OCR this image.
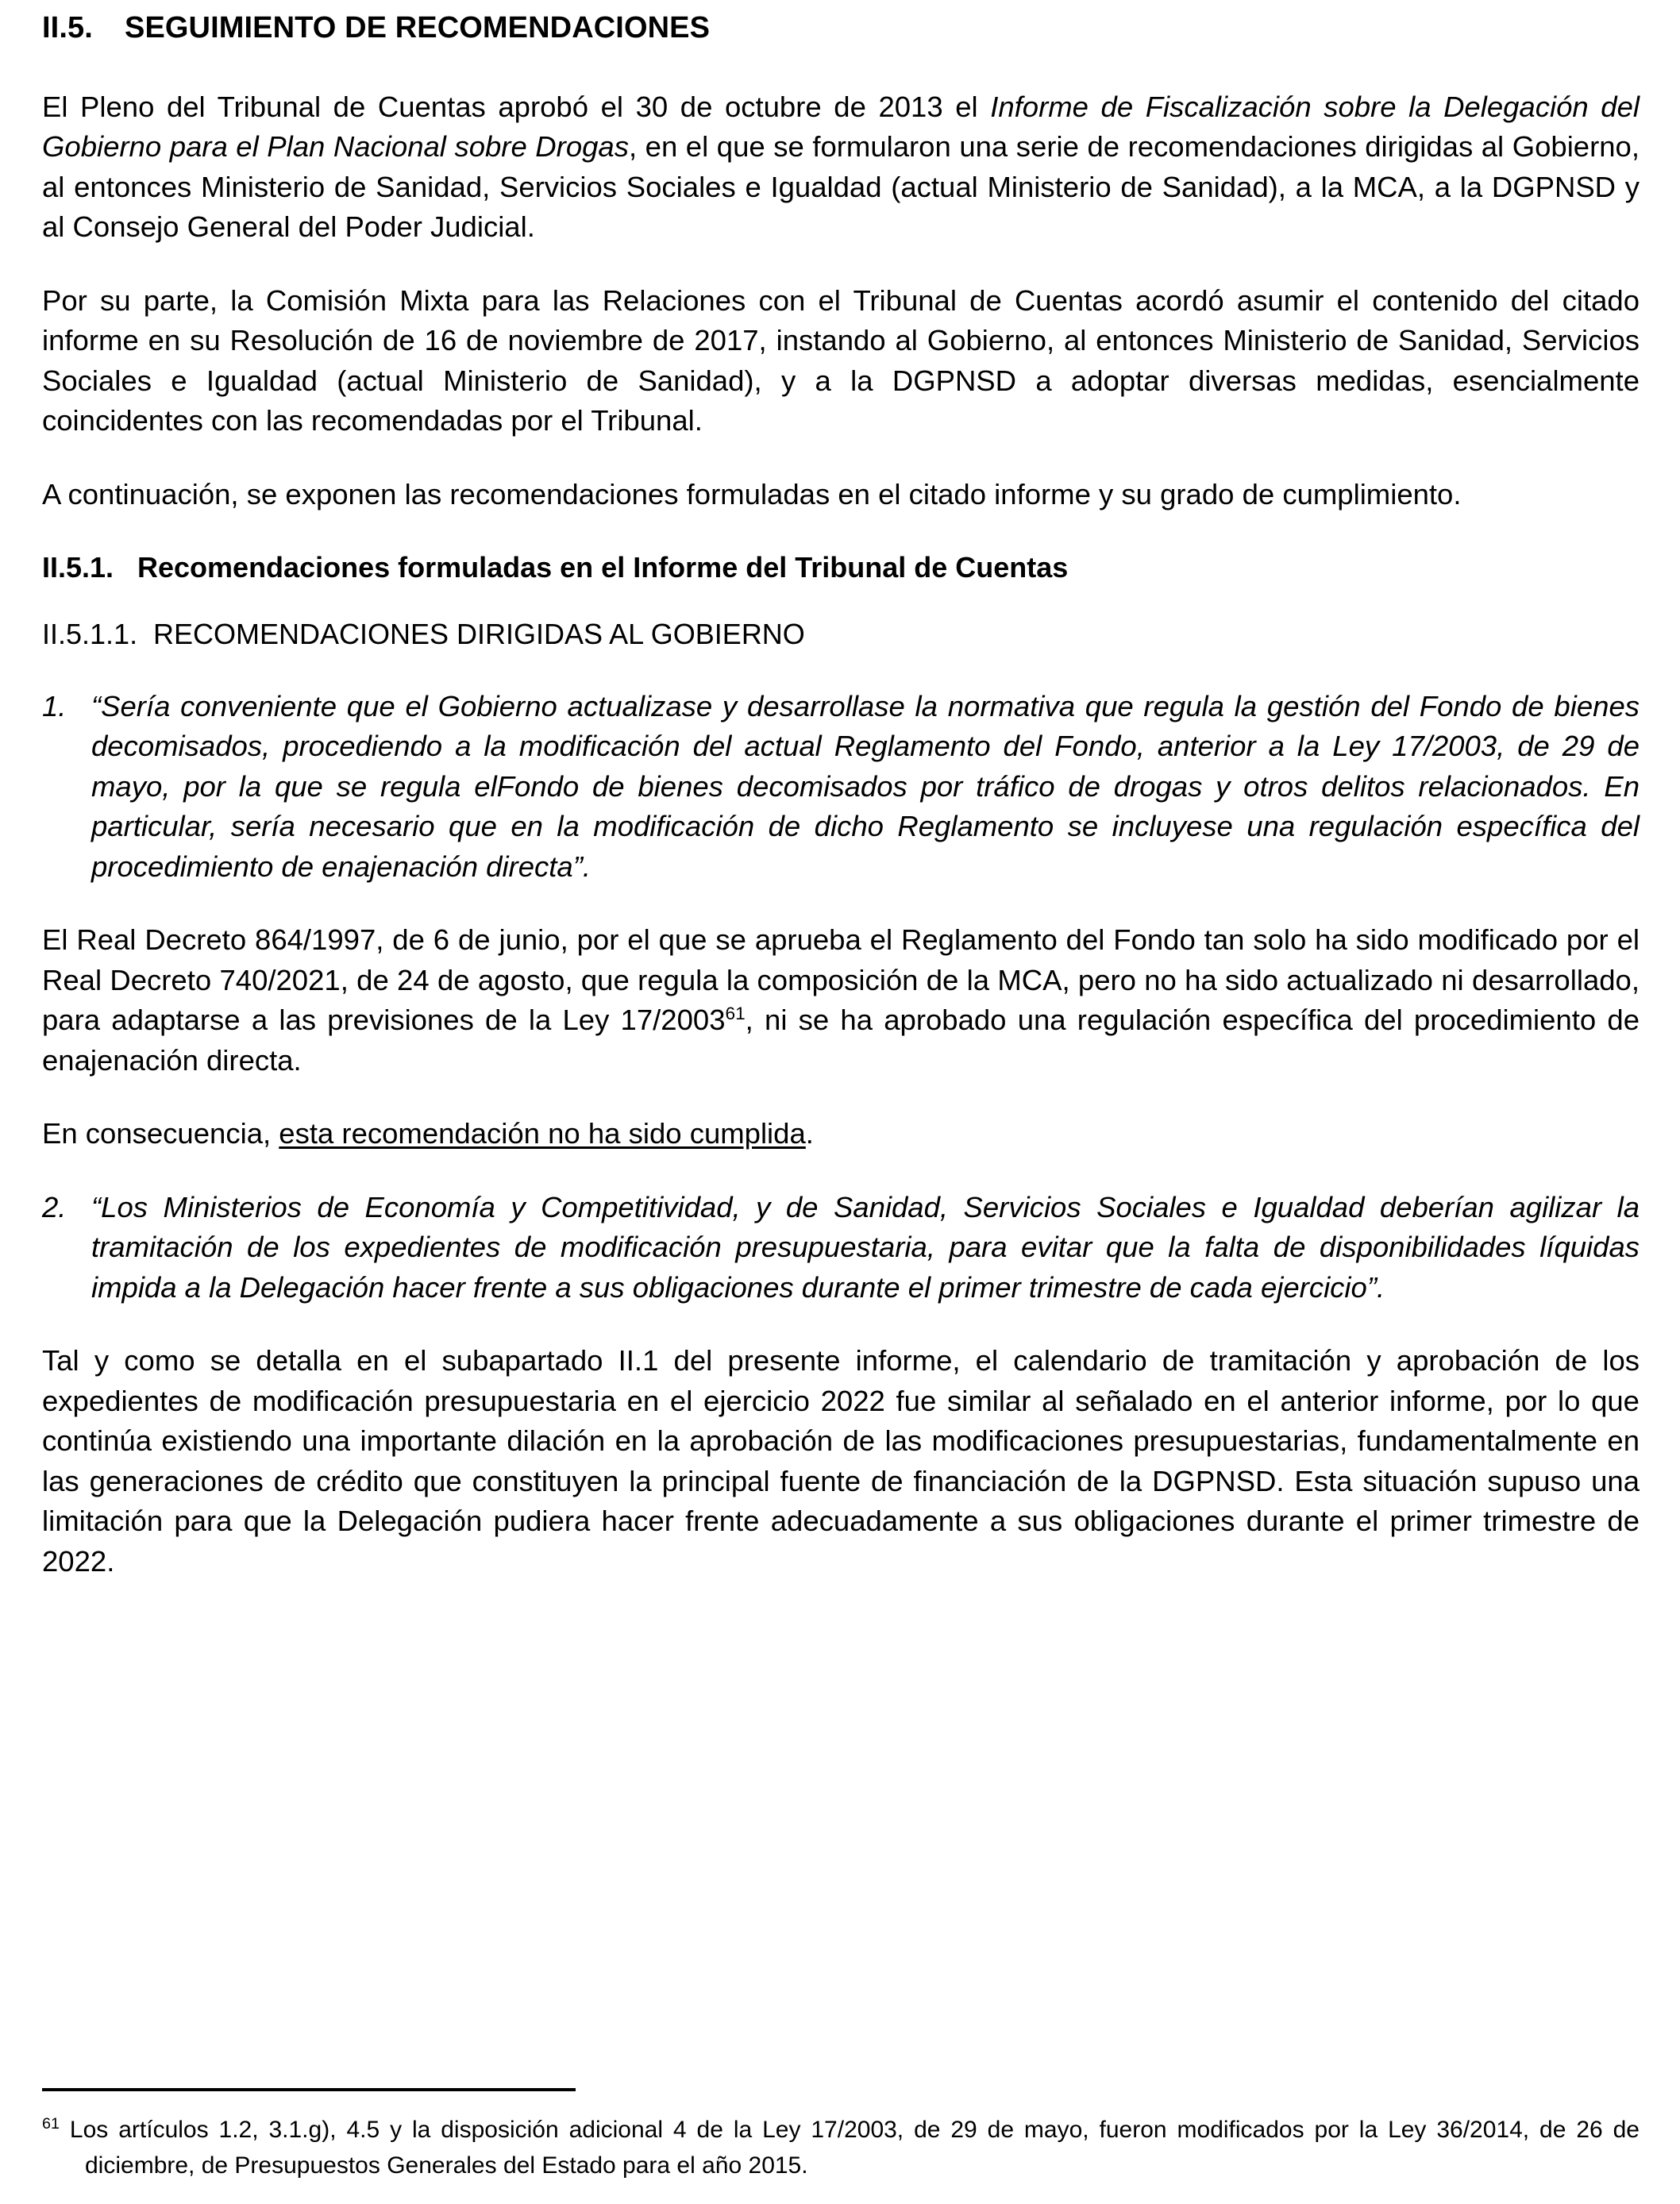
II.5.	SEGUIMIENTO DE RECOMENDACIONES

El Pleno del Tribunal de Cuentas aprobó el 30 de octubre de 2013 el Informe de Fiscalización sobre la Delegación del Gobierno para el Plan Nacional sobre Drogas, en el que se formularon una serie de recomendaciones dirigidas al Gobierno, al entonces Ministerio de Sanidad, Servicios Sociales e Igualdad (actual Ministerio de Sanidad), a la MCA, a la DGPNSD y al Consejo General del Poder Judicial.

Por su parte, la Comisión Mixta para las Relaciones con el Tribunal de Cuentas acordó asumir el contenido del citado informe en su Resolución de 16 de noviembre de 2017, instando al Gobierno, al entonces Ministerio de Sanidad, Servicios Sociales e Igualdad (actual Ministerio de Sanidad), y a la DGPNSD a adoptar diversas medidas, esencialmente coincidentes con las recomendadas por el Tribunal.

A continuación, se exponen las recomendaciones formuladas en el citado informe y su grado de cumplimiento.

II.5.1. Recomendaciones formuladas en el Informe del Tribunal de Cuentas
II.5.1.1. RECOMENDACIONES DIRIGIDAS AL GOBIERNO
1. “Sería conveniente que el Gobierno actualizase y desarrollase la normativa que regula la gestión del Fondo de bienes decomisados, procediendo a la modificación del actual Reglamento del Fondo, anterior a la Ley 17/2003, de 29 de mayo, por la que se regula elFondo de bienes decomisados por tráfico de drogas y otros delitos relacionados. En particular, sería necesario que en la modificación de dicho Reglamento se incluyese una regulación específica del procedimiento de enajenación directa”.

El Real Decreto 864/1997, de 6 de junio, por el que se aprueba el Reglamento del Fondo tan solo ha sido modificado por el Real Decreto 740/2021, de 24 de agosto, que regula la composición de la MCA, pero no ha sido actualizado ni desarrollado, para adaptarse a las previsiones de la Ley 17/2003$^{61}$, ni se ha aprobado una regulación específica del procedimiento de enajenación directa.

En consecuencia, esta recomendación no ha sido cumplida.

2. “Los Ministerios de Economía y Competitividad, y de Sanidad, Servicios Sociales e Igualdad deberían agilizar la tramitación de los expedientes de modificación presupuestaria, para evitar que la falta de disponibilidades líquidas impida a la Delegación hacer frente a sus obligaciones durante el primer trimestre de cada ejercicio”.

Tal y como se detalla en el subapartado II.1 del presente informe, el calendario de tramitación y aprobación de los expedientes de modificación presupuestaria en el ejercicio 2022 fue similar al señalado en el anterior informe, por lo que continúa existiendo una importante dilación en la aprobación de las modificaciones presupuestarias, fundamentalmente en las generaciones de crédito que constituyen la principal fuente de financiación de la DGPNSD. Esta situación supuso una limitación para que la Delegación pudiera hacer frente adecuadamente a sus obligaciones durante el primer trimestre de 2022.

$^{61}$ Los artículos 1.2, 3.1.g), 4.5 y la disposición adicional 4 de la Ley 17/2003, de 29 de mayo, fueron modificados por la Ley 36/2014, de 26 de diciembre, de Presupuestos Generales del Estado para el año 2015.
